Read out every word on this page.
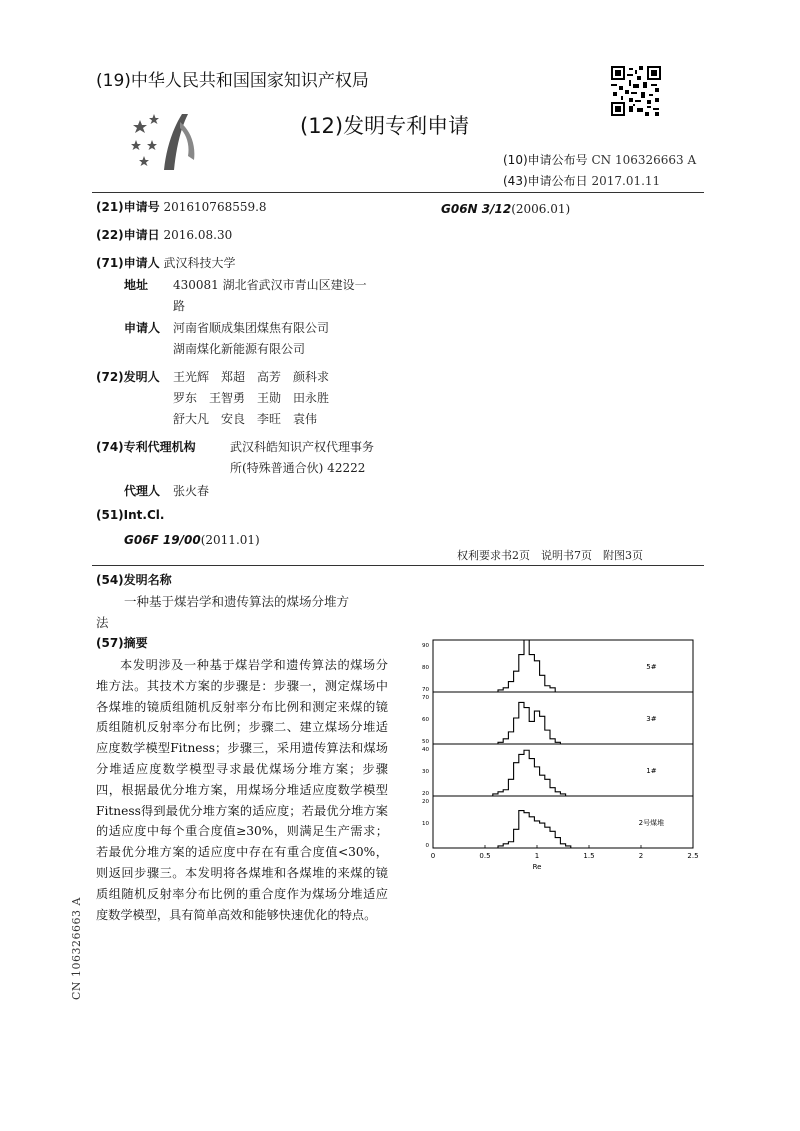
(19)中华人民共和国国家知识产权局
(12)发明专利申请
(10)申请公布号 CN 106326663 A
(43)申请公布日 2017.01.11
(21)申请号 201610768559.8	G06N 3/12(2006.01)
(22)申请日 2016.08.30
(71)申请人 武汉科技大学
地址 430081 湖北省武汉市青山区建设一
路
申请人 河南省顺成集团煤焦有限公司
湖南煤化新能源有限公司
(72)发明人 王光辉　郑超　高芳　颜科求
罗东　王智勇　王勋　田永胜
舒大凡　安良　李旺　袁伟
(74)专利代理机构	武汉科皓知识产权代理事务
所(特殊普通合伙) 42222
代理人 张火春
(51)Int.Cl.
G06F 19/00(2011.01)
权利要求书2页　说明书7页　附图3页
(54)发明名称
一种基于煤岩学和遗传算法的煤场分堆方
法
(57)摘要
本发明涉及一种基于煤岩学和遗传算法的煤场分堆方法。其技术方案的步骤是：步骤一，测定煤场中各煤堆的镜质组随机反射率分布比例和测定来煤的镜质组随机反射率分布比例；步骤二、建立煤场分堆适应度数学模型Fitness；步骤三，采用遗传算法和煤场分堆适应度数学模型寻求最优煤场分堆方案；步骤四，根据最优分堆方案，用煤场分堆适应度数学模型Fitness得到最优分堆方案的适应度；若最优分堆方案的适应度中每个重合度值≥30%，则满足生产需求；若最优分堆方案的适应度中存在有重合度值<30%，则返回步骤三。本发明将各煤堆和各煤堆的来煤的镜质组随机反射率分布比例的重合度作为煤场分堆适应度数学模型，具有简单高效和能够快速优化的特点。
CN 106326663 A
90
80
70
5#
70
60
50
3#
40
30
20
1#
20
10
0
2号煤堆
0	0.5	1	1.5	2	2.5
Re
